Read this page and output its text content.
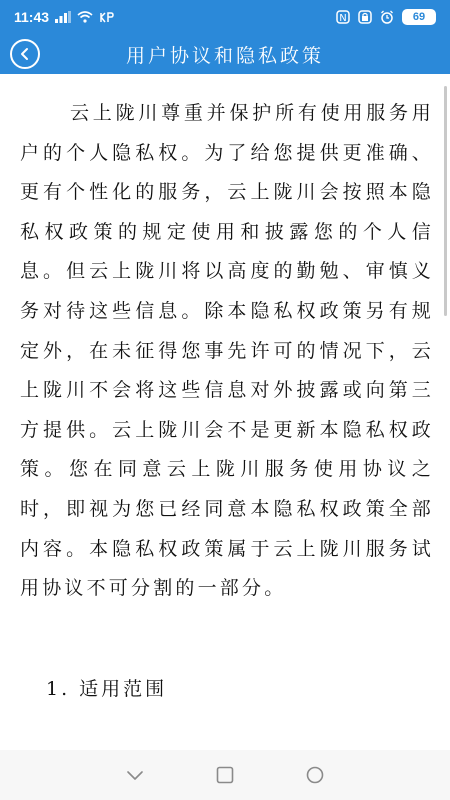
11:43	N	69
用户协议和隐私政策
云上陇川尊重并保护所有使用服务用户的个人隐私权。为了给您提供更准确、更有个性化的服务，云上陇川会按照本隐私权政策的规定使用和披露您的个人信息。但云上陇川将以高度的勤勉、审慎义务对待这些信息。除本隐私权政策另有规定外，在未征得您事先许可的情况下，云上陇川不会将这些信息对外披露或向第三方提供。云上陇川会不是更新本隐私权政策。您在同意云上陇川服务使用协议之时，即视为您已经同意本隐私权政策全部内容。本隐私权政策属于云上陇川服务试用协议不可分割的一部分。
1. 适用范围
